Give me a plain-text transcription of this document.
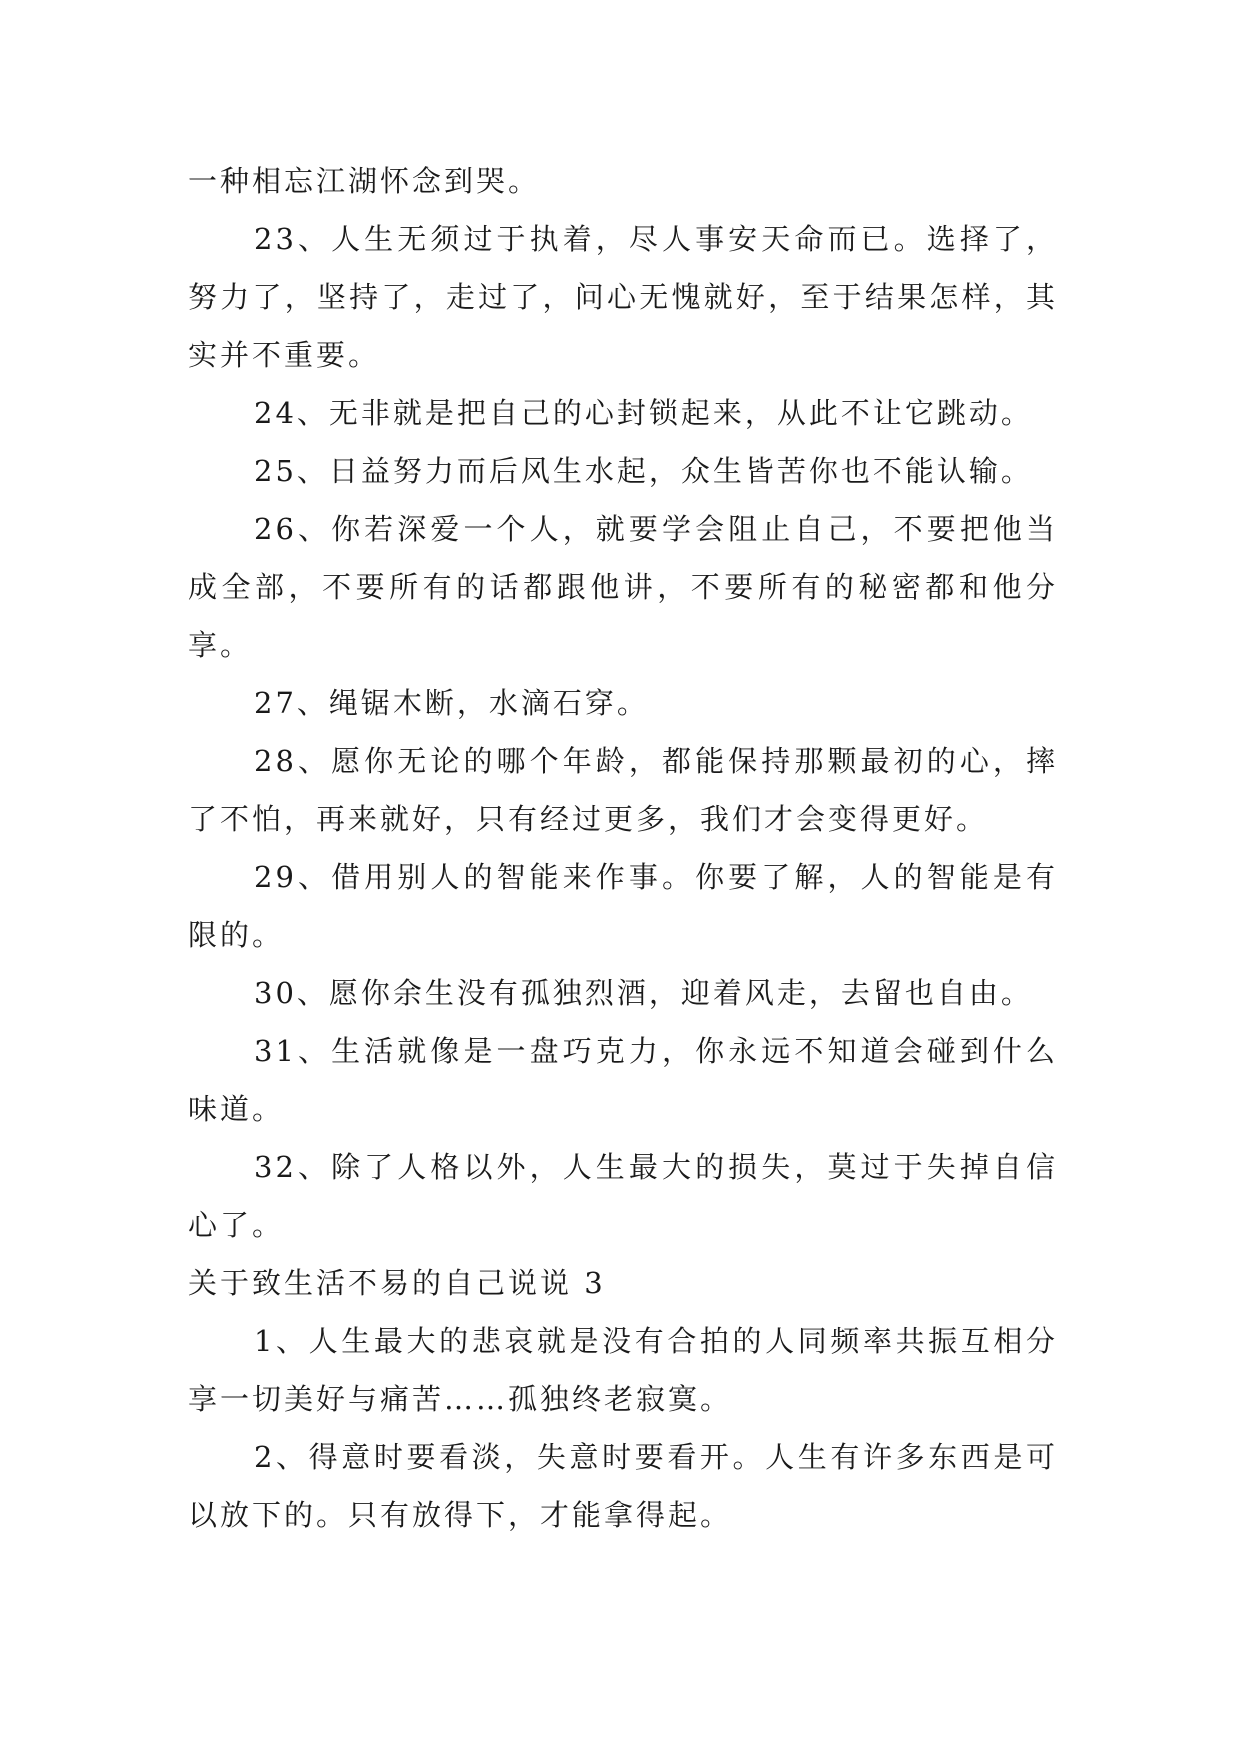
一种相忘江湖怀念到哭。

23、人生无须过于执着，尽人事安天命而已。选择了，努力了，坚持了，走过了，问心无愧就好，至于结果怎样，其实并不重要。

24、无非就是把自己的心封锁起来，从此不让它跳动。

25、日益努力而后风生水起，众生皆苦你也不能认输。

26、你若深爱一个人，就要学会阻止自己，不要把他当成全部，不要所有的话都跟他讲，不要所有的秘密都和他分享。

27、绳锯木断，水滴石穿。

28、愿你无论的哪个年龄，都能保持那颗最初的心，摔了不怕，再来就好，只有经过更多，我们才会变得更好。

29、借用别人的智能来作事。你要了解，人的智能是有限的。

30、愿你余生没有孤独烈酒，迎着风走，去留也自由。

31、生活就像是一盘巧克力，你永远不知道会碰到什么味道。

32、除了人格以外，人生最大的损失，莫过于失掉自信心了。

关于致生活不易的自己说说 3

1、人生最大的悲哀就是没有合拍的人同频率共振互相分享一切美好与痛苦……孤独终老寂寞。

2、得意时要看淡，失意时要看开。人生有许多东西是可以放下的。只有放得下，才能拿得起。
